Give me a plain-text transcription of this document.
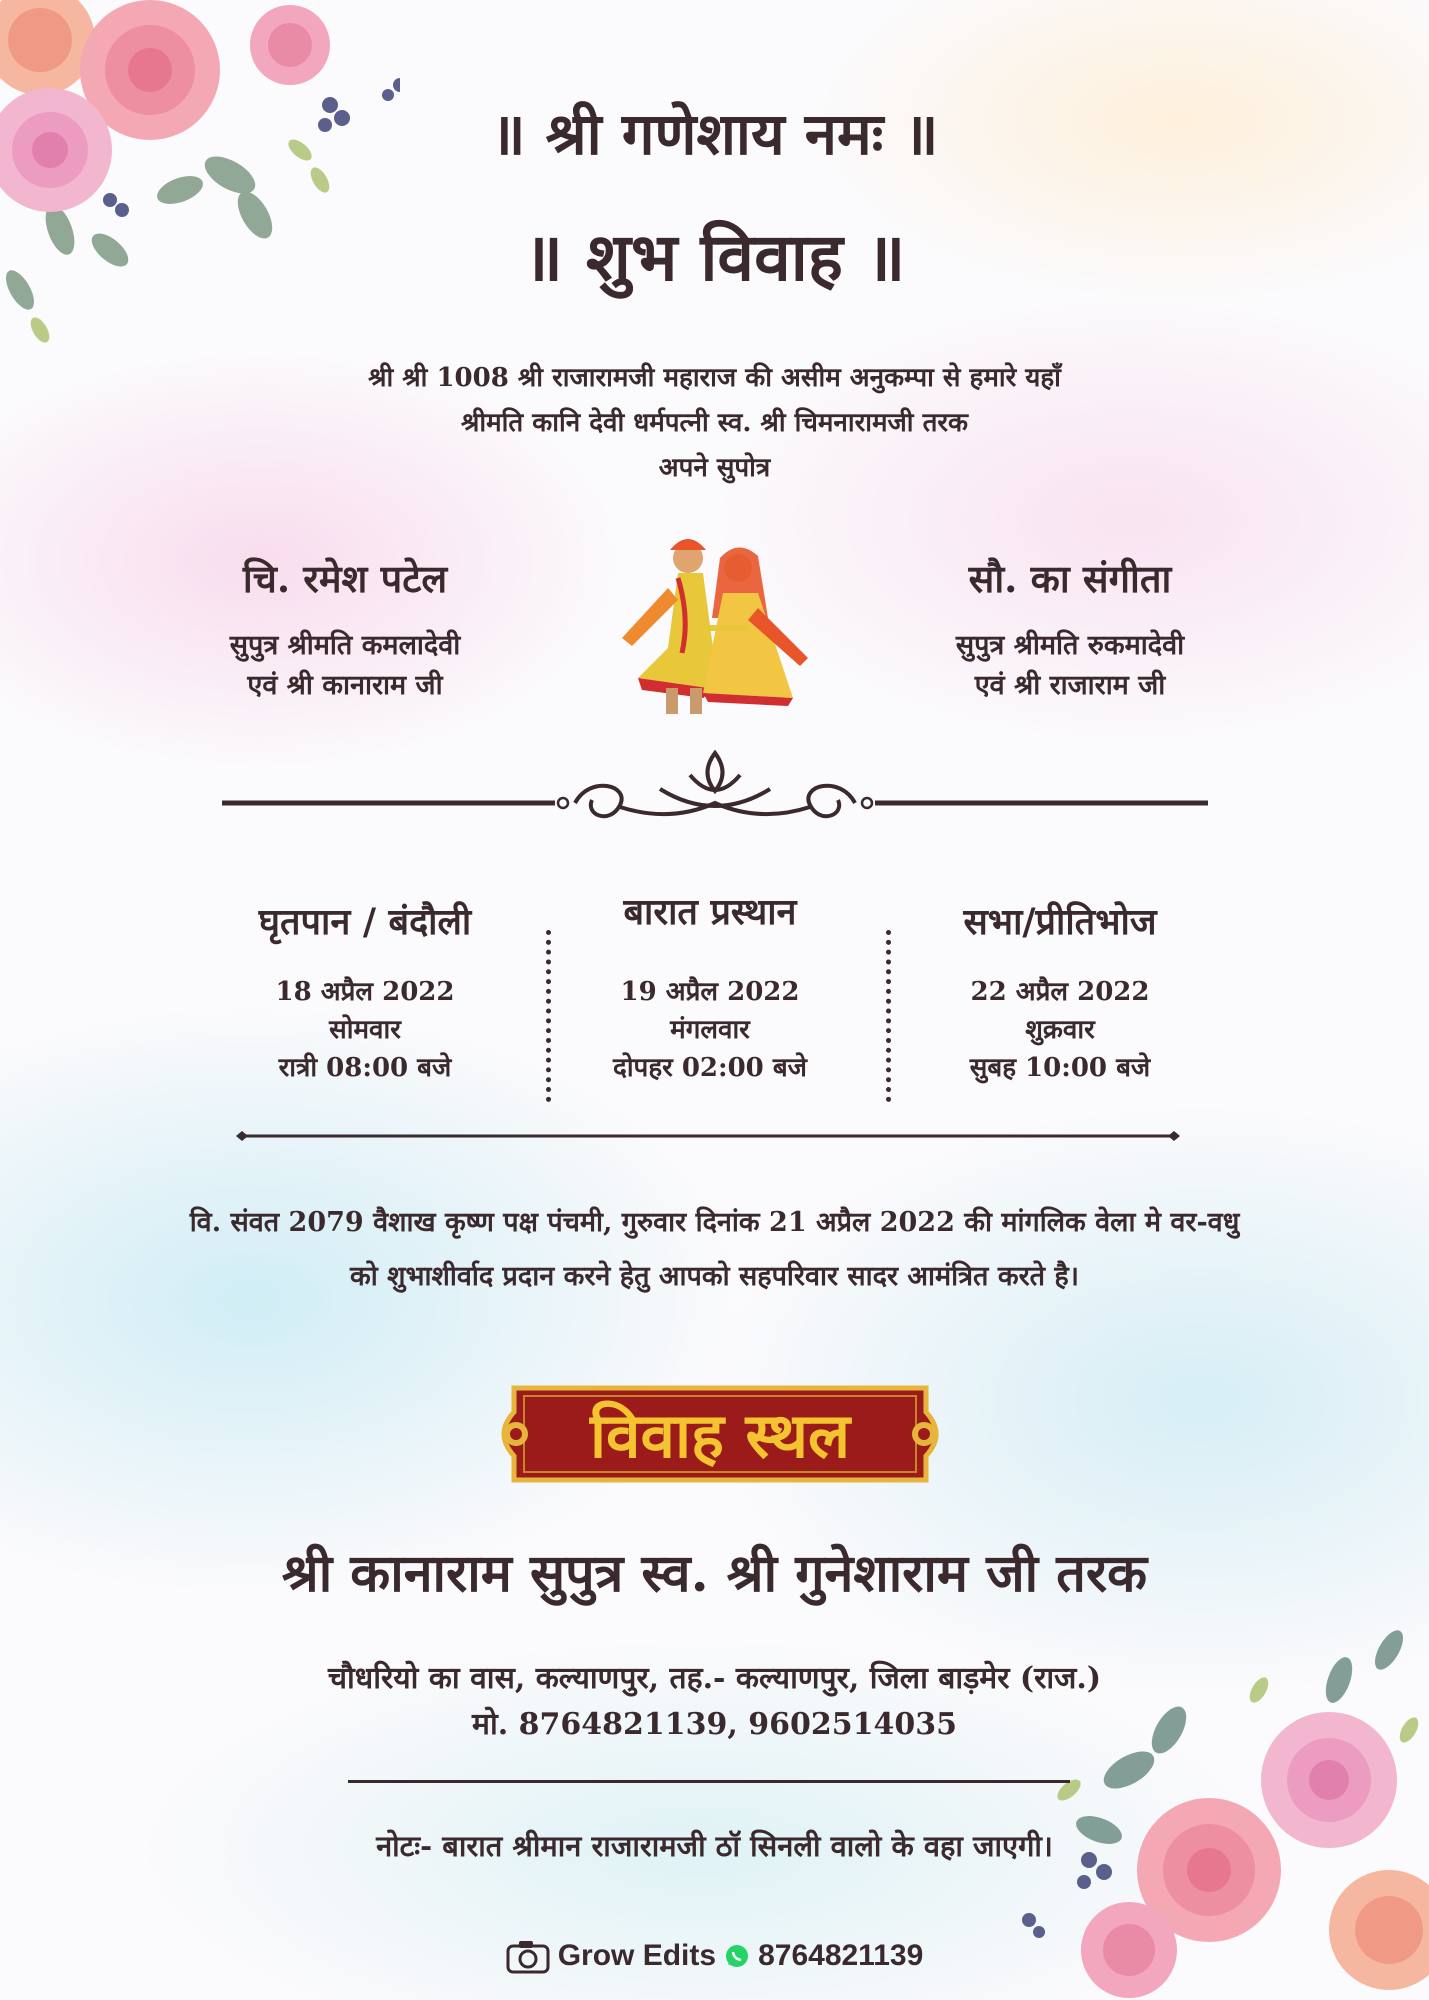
॥ श्री गणेशाय नमः ॥
॥ शुभ विवाह ॥
श्री श्री 1008 श्री राजारामजी महाराज की असीम अनुकम्पा से हमारे यहाँ
श्रीमति कानि देवी धर्मपत्नी स्व. श्री चिमनारामजी तरक
अपने सुपोत्र
चि. रमेश पटेल
सुपुत्र श्रीमति कमलादेवी
एवं श्री कानाराम जी
सौ. का संगीता
सुपुत्र श्रीमति रुकमादेवी
एवं श्री राजाराम जी
घृतपान / बंदौली
18 अप्रैल 2022
सोमवार
रात्री 08:00 बजे
बारात प्रस्थान
19 अप्रैल 2022
मंगलवार
दोपहर 02:00 बजे
सभा/प्रीतिभोज
22 अप्रैल 2022
शुक्रवार
सुबह 10:00 बजे
वि. संवत 2079 वैशाख कृष्ण पक्ष पंचमी, गुरुवार दिनांक 21 अप्रैल 2022 की मांगलिक वेला मे वर-वधु
को शुभाशीर्वाद प्रदान करने हेतु आपको सहपरिवार सादर आमंत्रित करते है।
विवाह स्थल
श्री कानाराम सुपुत्र स्व. श्री गुनेशाराम जी तरक
चौधरियो का वास, कल्याणपुर, तह.- कल्याणपुर, जिला बाड़मेर (राज.)
मो. 8764821139, 9602514035
नोटः- बारात श्रीमान राजारामजी ठॉ सिनली वालो के वहा जाएगी।
Grow Edits 8764821139
